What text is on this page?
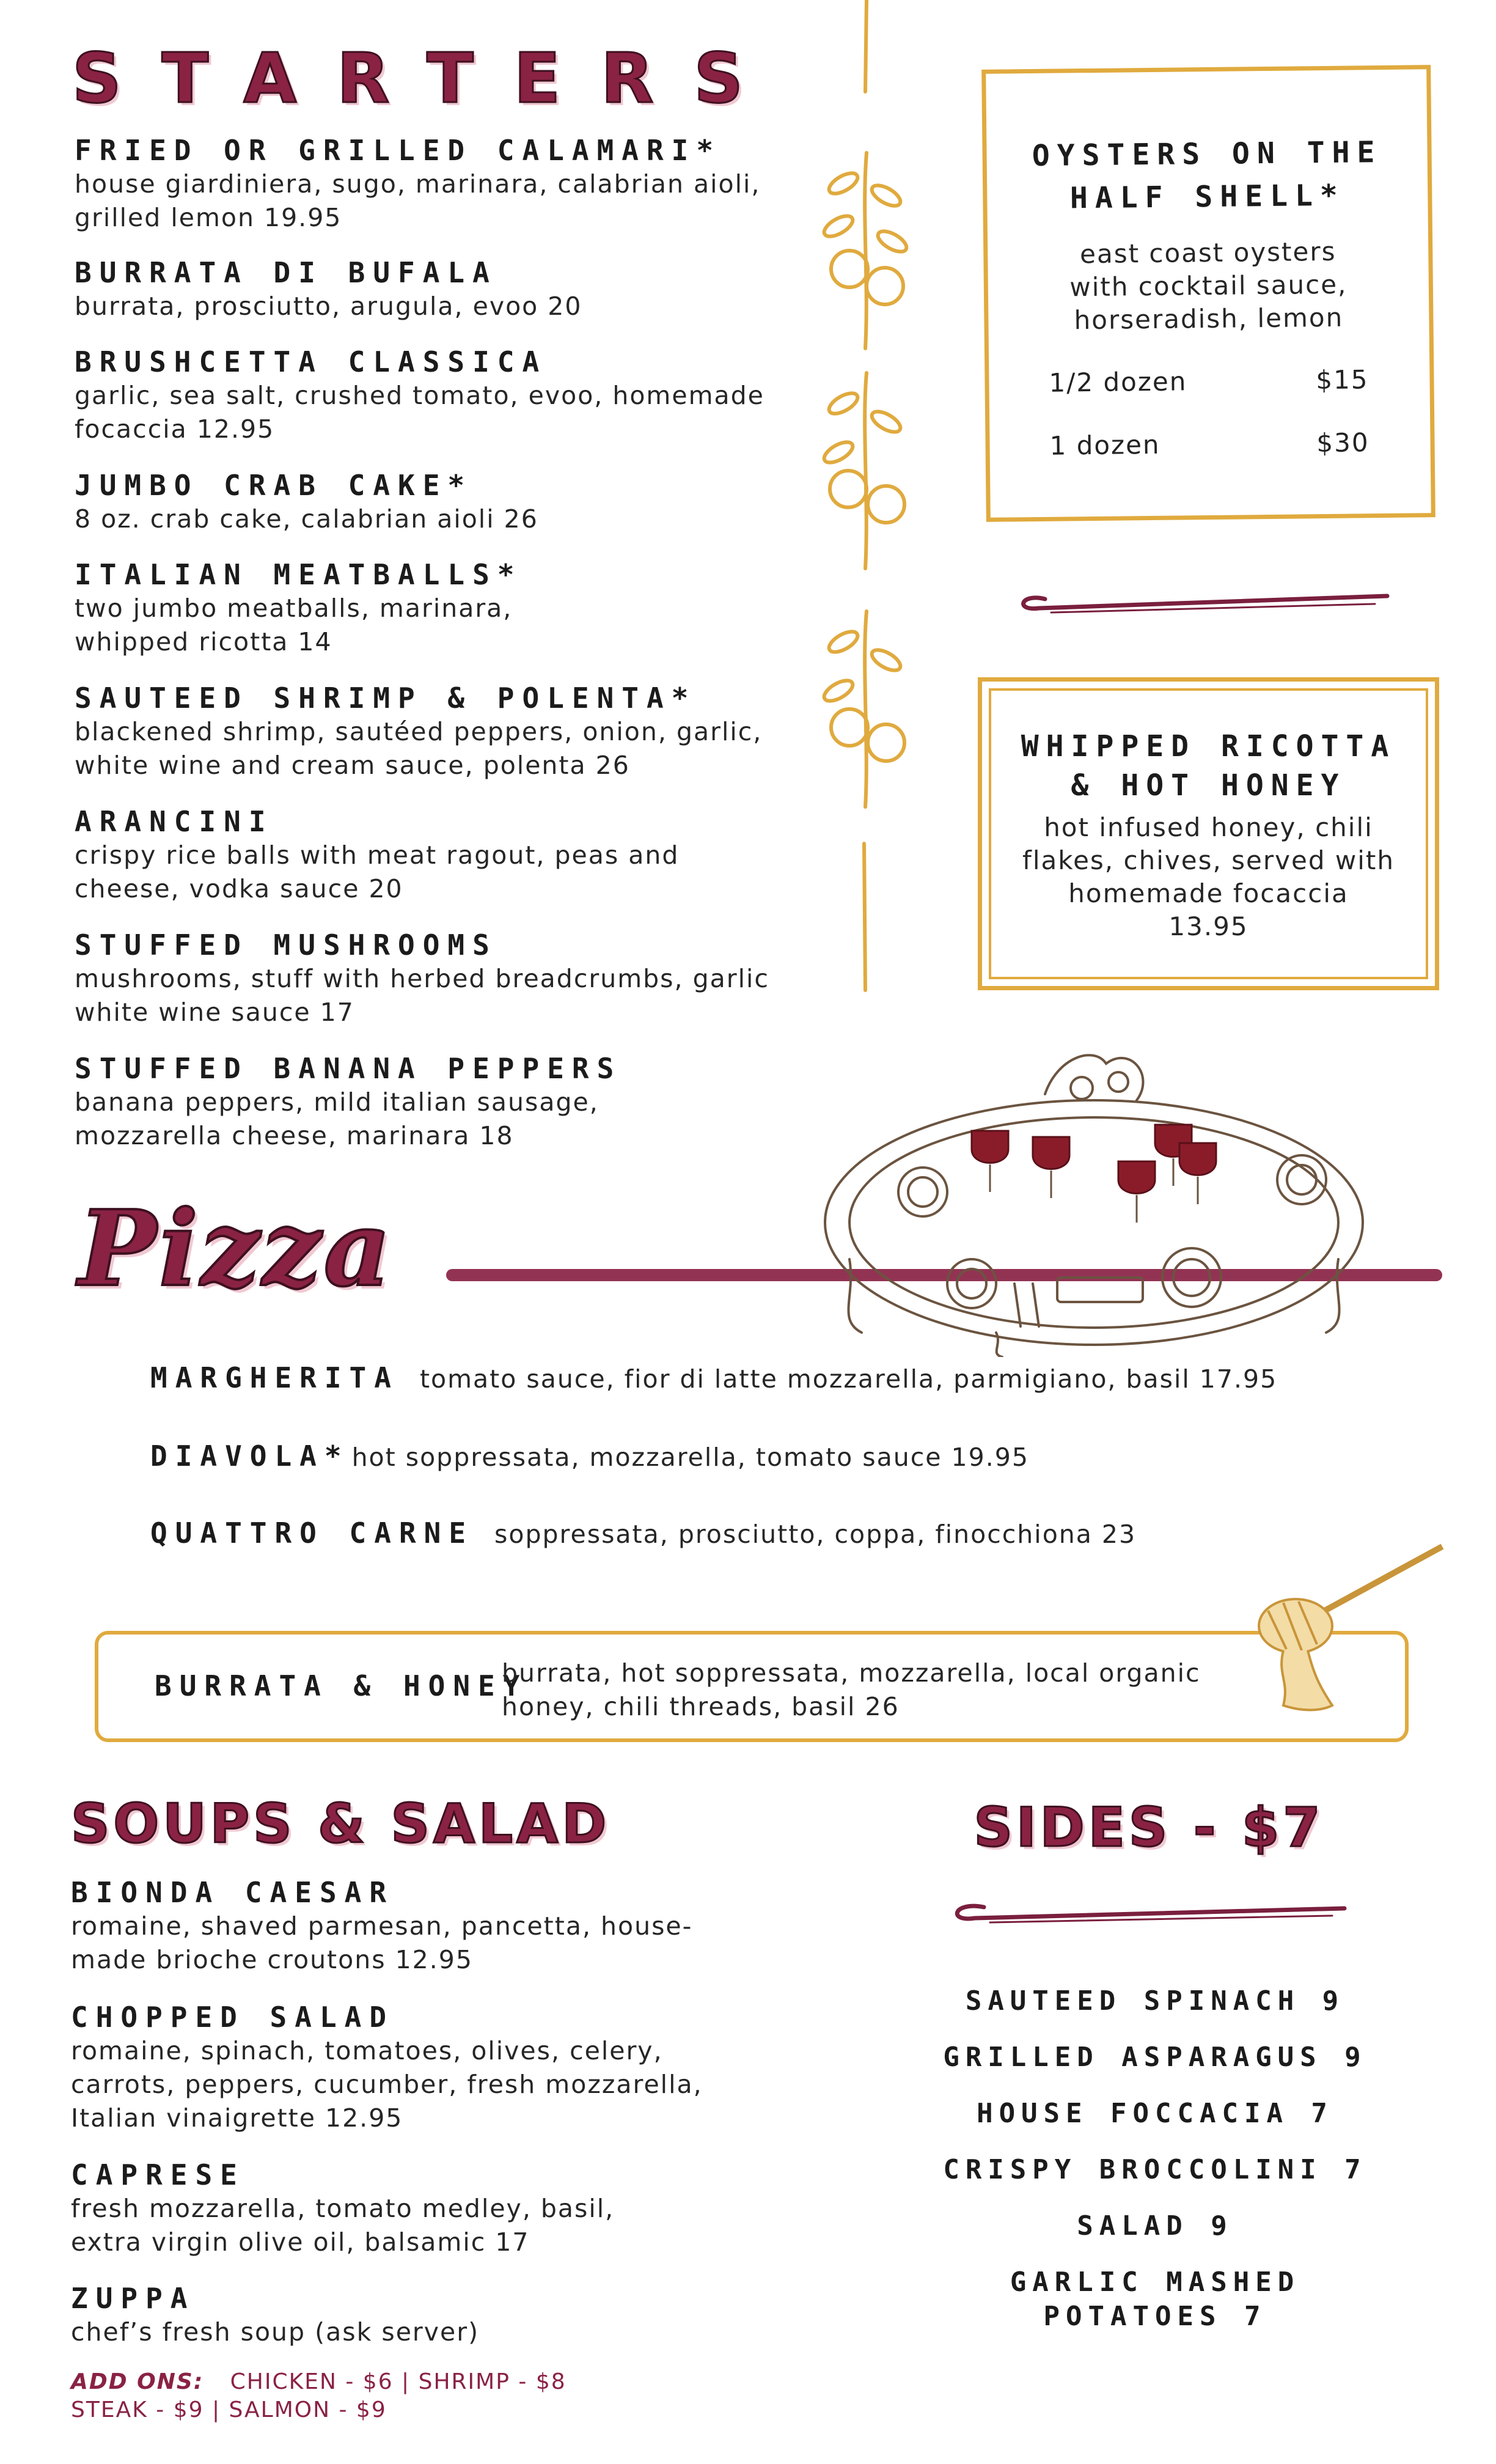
STARTERS

FRIED OR GRILLED CALAMARI*

house giardiniera, sugo, marinara, calabrian aioli, grilled lemon 19.95

BURRATA DI BUFALA

burrata, prosciutto, arugula, evoo 20

BRUSHCETTA CLASSICA

garlic, sea salt, crushed tomato, evoo, homemade focaccia 12.95

JUMBO CRAB CAKE*

8 oz. crab cake, calabrian aioli 26

ITALIAN MEATBALLS*

two jumbo meatballs, marinara, whipped ricotta 14

SAUTEED SHRIMP & POLENTA*

blackened shrimp, sautéed peppers, onion, garlic, white wine and cream sauce, polenta 26

ARANCINI

crispy rice balls with meat ragout, peas and cheese, vodka sauce 20

STUFFED MUSHROOMS

mushrooms, stuff with herbed breadcrumbs, garlic white wine sauce 17

STUFFED BANANA PEPPERS

banana peppers, mild italian sausage, mozzarella cheese, marinara 18

OYSTERS ON THE
HALF SHELL*
east coast oysters
with cocktail sauce,
horseradish, lemon
1/2 dozen	$15
1 dozen	$30
WHIPPED RICOTTA
& HOT HONEY
hot infused honey, chili
flakes, chives, served with
homemade focaccia
13.95
Pizza

MARGHERITA tomato sauce, fior di latte mozzarella, parmigiano, basil 17.95

DIAVOLA* hot soppressata, mozzarella, tomato sauce 19.95

QUATTRO CARNE soppressata, prosciutto, coppa, finocchiona 23

BURRATA & HONEY

burrata, hot soppressata, mozzarella, local organic

honey, chili threads, basil 26

SOUPS & SALAD

BIONDA CAESAR

romaine, shaved parmesan, pancetta, house-made brioche croutons 12.95

CHOPPED SALAD

romaine, spinach, tomatoes, olives, celery, carrots, peppers, cucumber, fresh mozzarella, Italian vinaigrette 12.95

CAPRESE

fresh mozzarella, tomato medley, basil, extra virgin olive oil, balsamic 17

ZUPPA

chef’s fresh soup (ask server)

ADD ONS: CHICKEN - $6 | SHRIMP - $8
STEAK - $9 | SALMON - $9
SIDES - $7
SAUTEED SPINACH 9
GRILLED ASPARAGUS 9
HOUSE FOCCACIA 7
CRISPY BROCCOLINI 7
SALAD 9
GARLIC MASHED POTATOES 7
